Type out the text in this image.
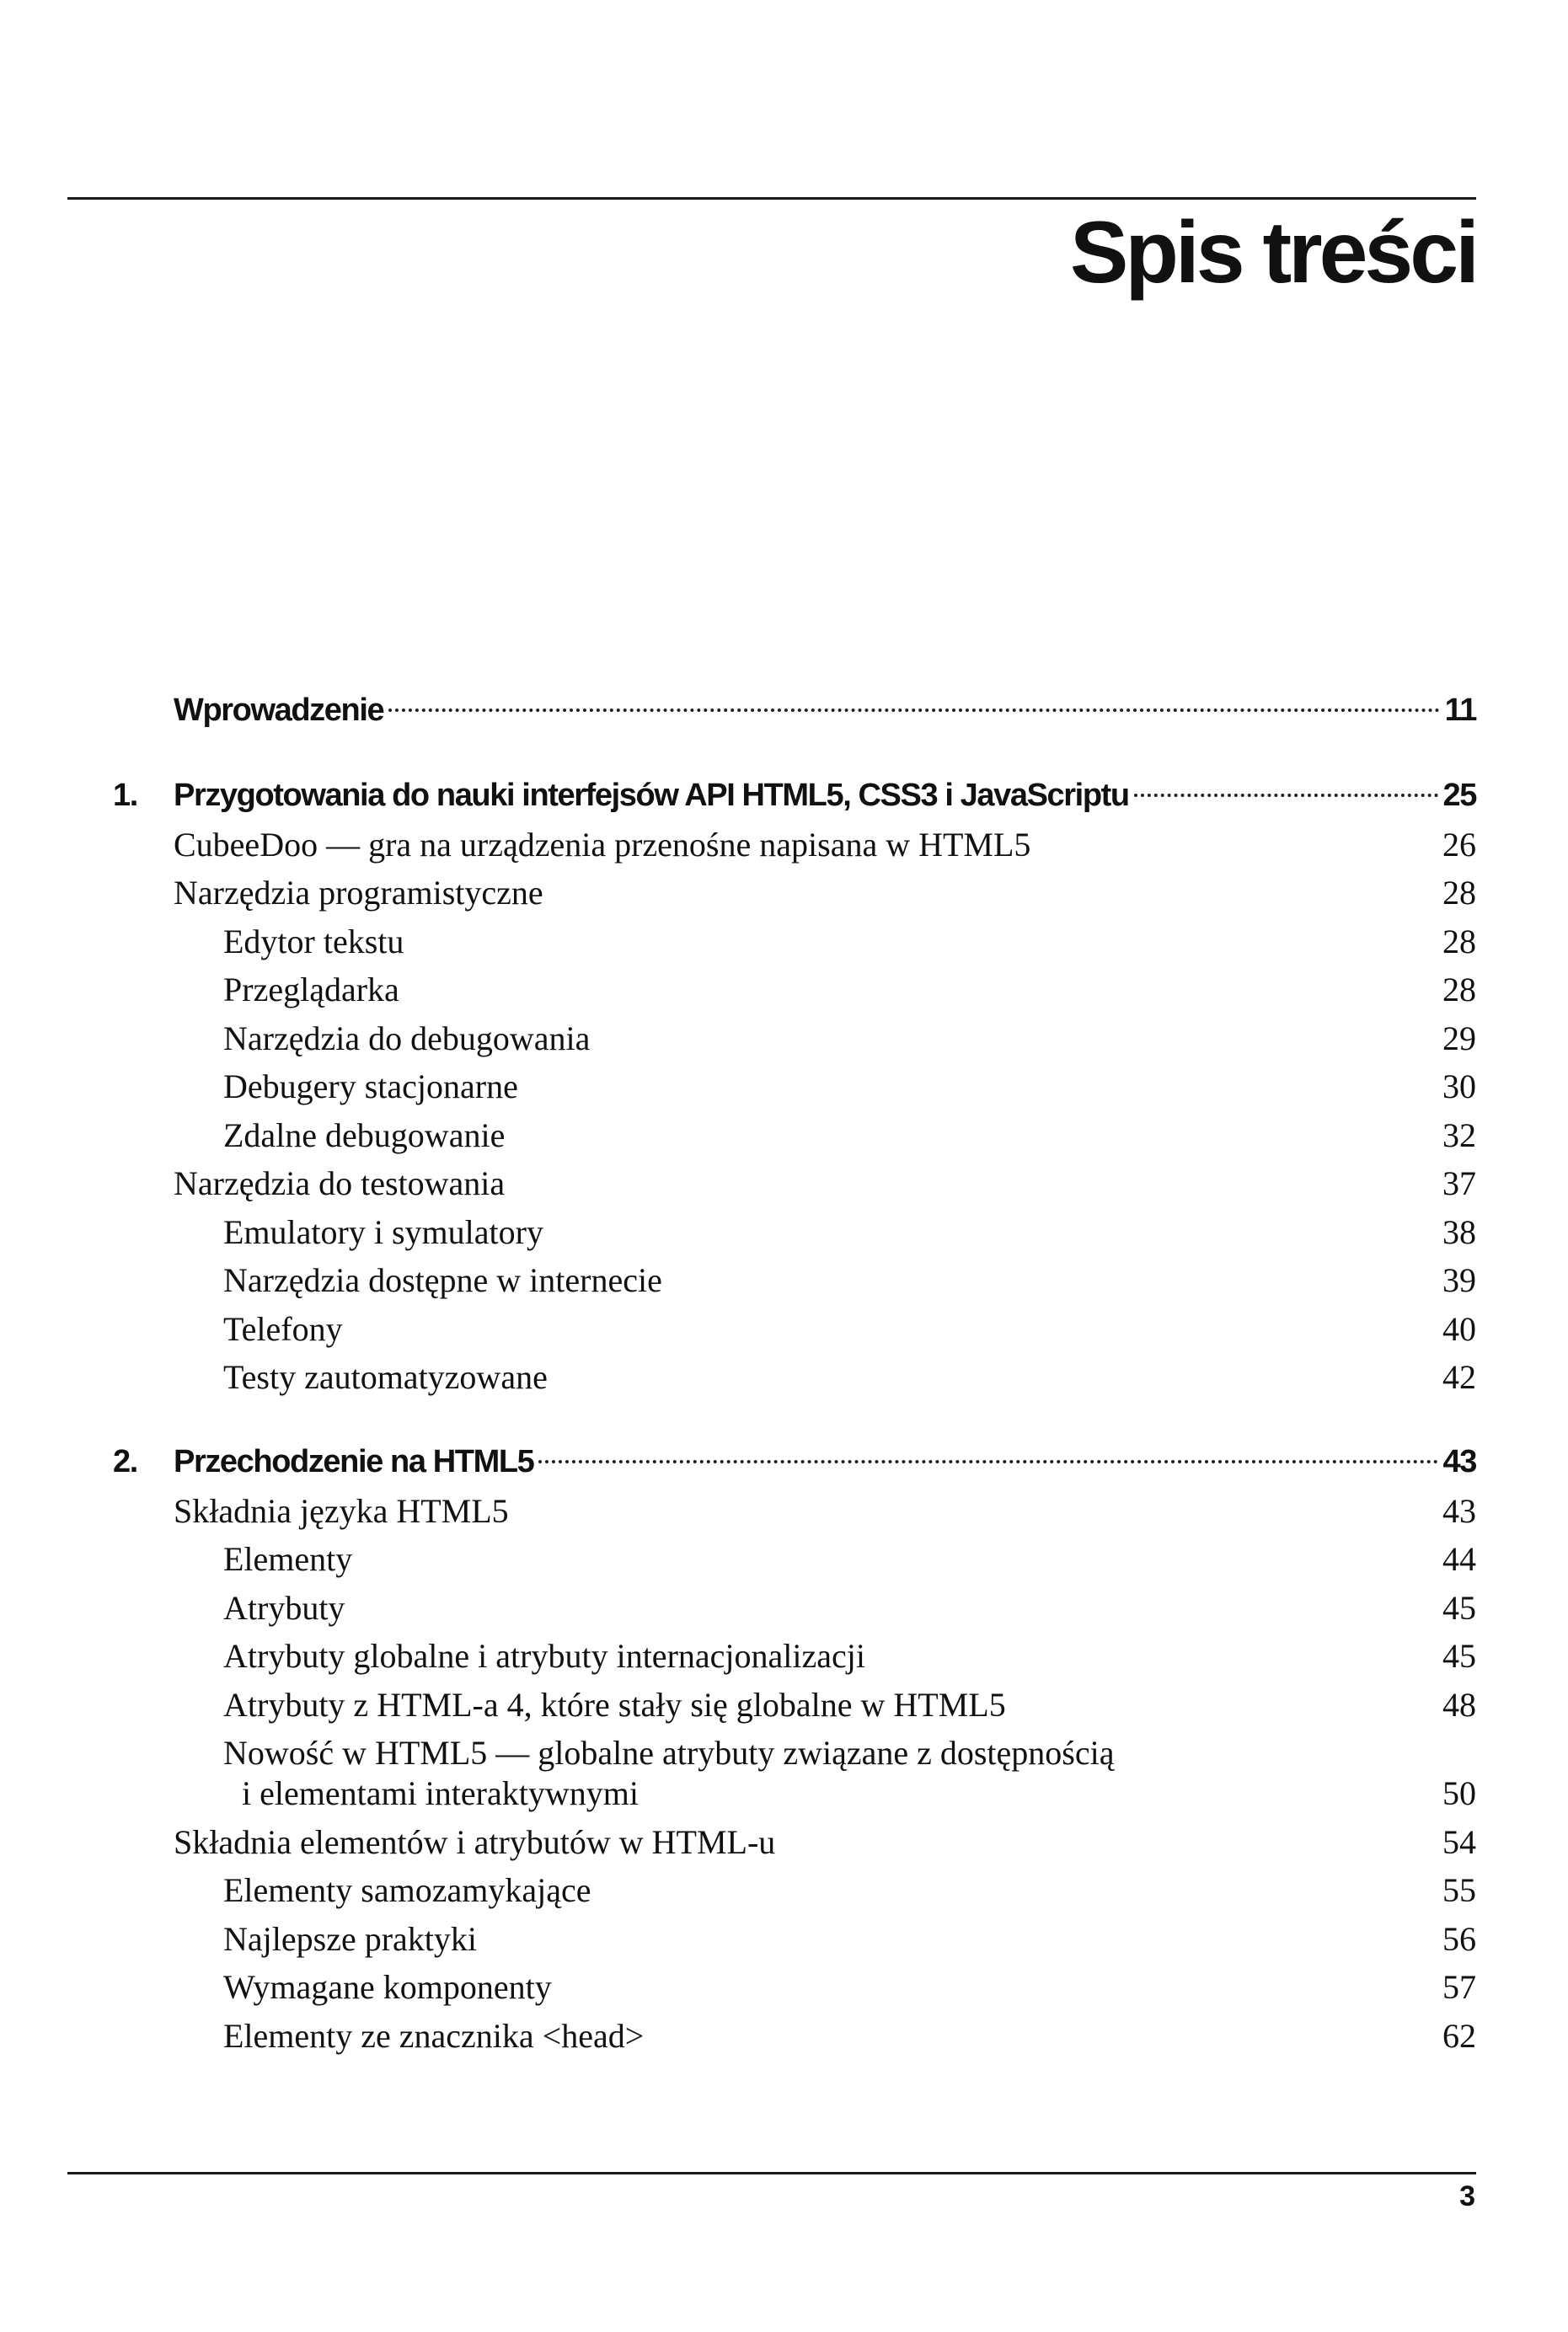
Spis treści
Wprowadzenie	11
1. Przygotowania do nauki interfejsów API HTML5, CSS3 i JavaScriptu	25
CubeeDoo — gra na urządzenia przenośne napisana w HTML5	26
Narzędzia programistyczne	28
Edytor tekstu	28
Przeglądarka	28
Narzędzia do debugowania	29
Debugery stacjonarne	30
Zdalne debugowanie	32
Narzędzia do testowania	37
Emulatory i symulatory	38
Narzędzia dostępne w internecie	39
Telefony	40
Testy zautomatyzowane	42
2. Przechodzenie na HTML5	43
Składnia języka HTML5	43
Elementy	44
Atrybuty	45
Atrybuty globalne i atrybuty internacjonalizacji	45
Atrybuty z HTML-a 4, które stały się globalne w HTML5	48
Nowość w HTML5 — globalne atrybuty związane z dostępnością
i elementami interaktywnymi	50
Składnia elementów i atrybutów w HTML-u	54
Elementy samozamykające	55
Najlepsze praktyki	56
Wymagane komponenty	57
Elementy ze znacznika <head>	62
3
